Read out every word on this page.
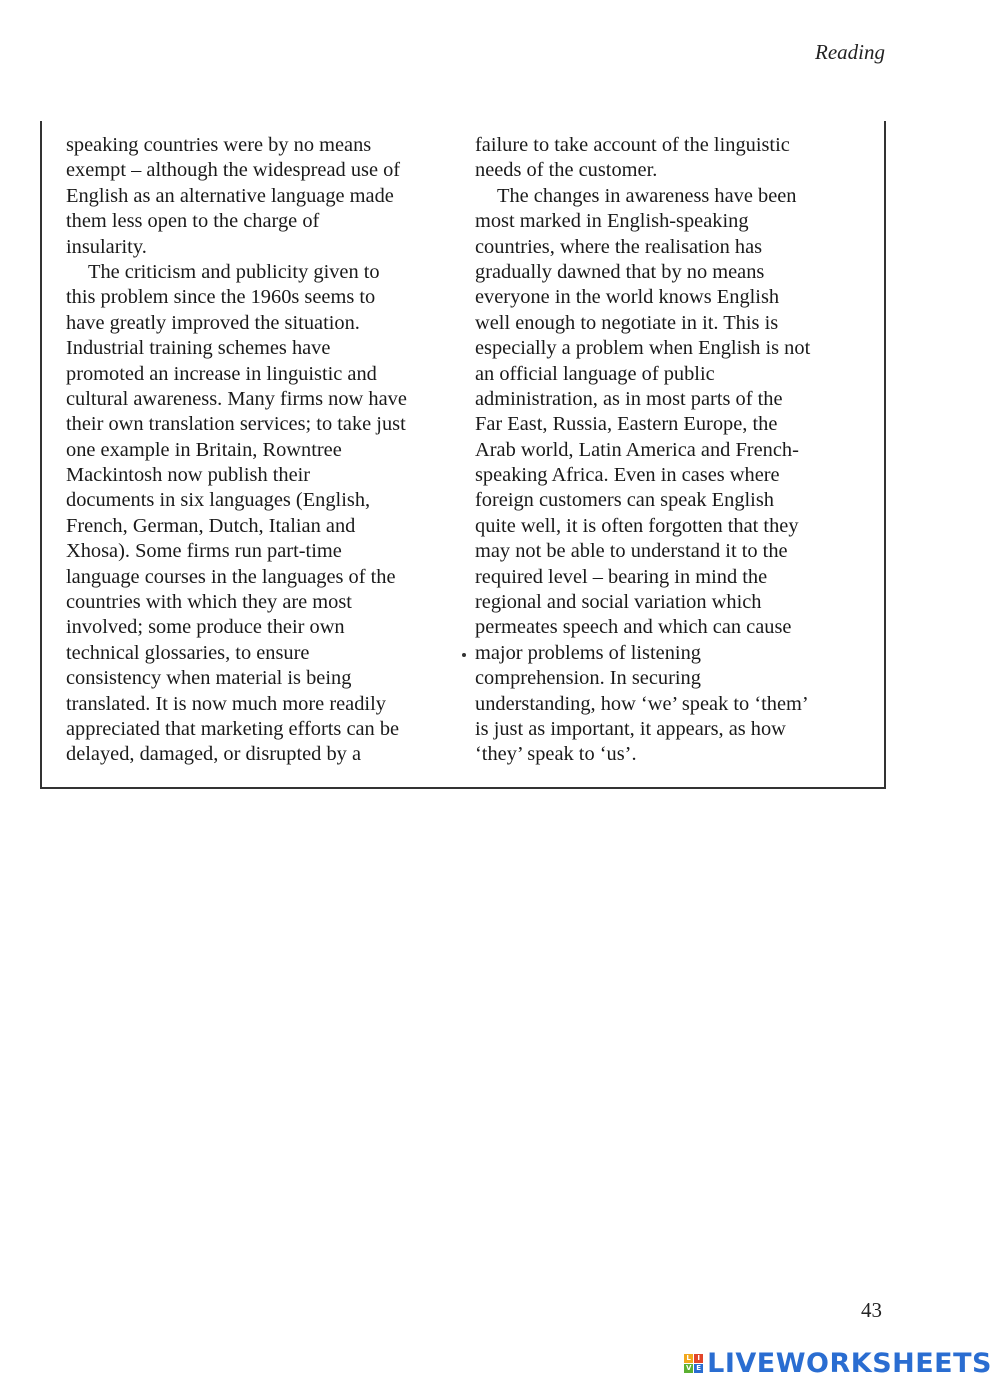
Reading
speaking countries were by no means
exempt – although the widespread use of
English as an alternative language made
them less open to the charge of
insularity.
The criticism and publicity given to
this problem since the 1960s seems to
have greatly improved the situation.
Industrial training schemes have
promoted an increase in linguistic and
cultural awareness. Many firms now have
their own translation services; to take just
one example in Britain, Rowntree
Mackintosh now publish their
documents in six languages (English,
French, German, Dutch, Italian and
Xhosa). Some firms run part-time
language courses in the languages of the
countries with which they are most
involved; some produce their own
technical glossaries, to ensure
consistency when material is being
translated. It is now much more readily
appreciated that marketing efforts can be
delayed, damaged, or disrupted by a
failure to take account of the linguistic
needs of the customer.
The changes in awareness have been
most marked in English-speaking
countries, where the realisation has
gradually dawned that by no means
everyone in the world knows English
well enough to negotiate in it. This is
especially a problem when English is not
an official language of public
administration, as in most parts of the
Far East, Russia, Eastern Europe, the
Arab world, Latin America and French-
speaking Africa. Even in cases where
foreign customers can speak English
quite well, it is often forgotten that they
may not be able to understand it to the
required level – bearing in mind the
regional and social variation which
permeates speech and which can cause
major problems of listening
comprehension. In securing
understanding, how ‘we’ speak to ‘them’
is just as important, it appears, as how
‘they’ speak to ‘us’.
43
L I
V E LIVEWORKSHEETS
